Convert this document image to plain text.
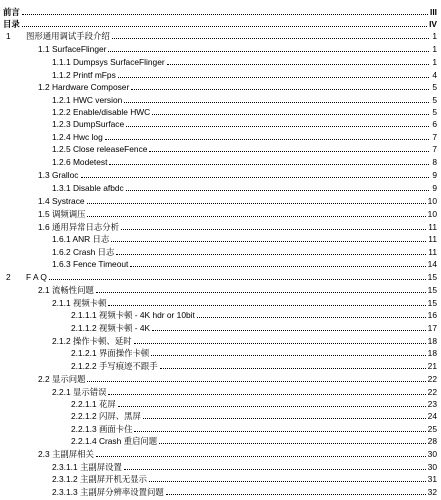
前言	III
目录	IV
1 图形通用调试手段介绍	1
1.1 SurfaceFlinger	1
1.1.1 Dumpsys SurfaceFlinger	1
1.1.2 Printf mFps	4
1.2 Hardware Composer	5
1.2.1 HWC version	5
1.2.2 Enable/disable HWC	5
1.2.3 DumpSurface	6
1.2.4 Hwc log	7
1.2.5 Close releaseFence	7
1.2.6 Modetest	8
1.3 Gralloc	9
1.3.1 Disable afbdc	9
1.4 Systrace	10
1.5 调频调压	10
1.6 通用异常日志分析	11
1.6.1 ANR 日志	11
1.6.2 Crash 日志	11
1.6.3 Fence Timeout	14
2 F A Q	15
2.1 流畅性问题	15
2.1.1 视频卡顿	15
2.1.1.1 视频卡顿 - 4K hdr or 10bit	16
2.1.1.2 视频卡顿 - 4K	17
2.1.2 操作卡顿、延时	18
2.1.2.1 界面操作卡顿	18
2.1.2.2 手写痕迹不跟手	21
2.2 显示问题	22
2.2.1 显示错误	22
2.2.1.1 花屏	23
2.2.1.2 闪屏、黑屏	24
2.2.1.3 画面卡住	25
2.2.1.4 Crash 重启问题	28
2.3 主副屏相关	30
2.3.1.1 主副屏设置	30
2.3.1.2 主副屏开机无显示	31
2.3.1.3 主副屏分辨率设置问题	32
